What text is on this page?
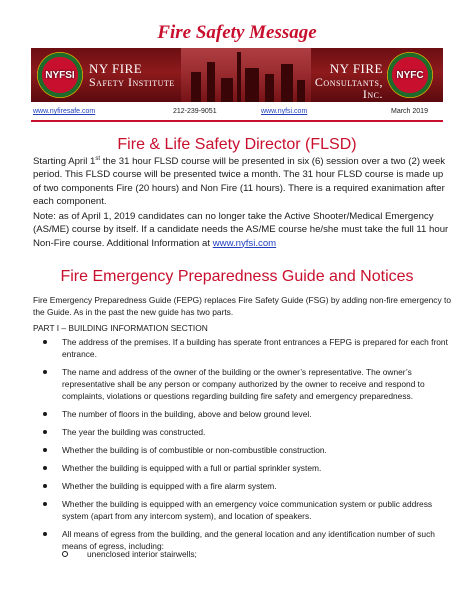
Fire Safety Message
NYFSI NY FIRE
Safety Institute
NY FIRE
Consultants, Inc.
NYFC
www.nyfiresafe.com	212-239-9051	www.nyfsi.com	March 2019
Fire & Life Safety Director (FLSD)
Starting April 1st the 31 hour FLSD course will be presented in six (6) session over a two (2) week period. This FLSD course will be presented twice a month. The 31 hour FLSD course is made up of two components Fire (20 hours) and Non Fire (11 hours). There is a required exanimation after each component.
Note: as of April 1, 2019 candidates can no longer take the Active Shooter/Medical Emergency (AS/ME) course by itself. If a candidate needs the AS/ME course he/she must take the full 11 hour Non-Fire course. Additional Information at www.nyfsi.com
Fire Emergency Preparedness Guide and Notices
Fire Emergency Preparedness Guide (FEPG) replaces Fire Safety Guide (FSG) by adding non-fire emergency to the Guide. As in the past the new guide has two parts.
PART I – BUILDING INFORMATION SECTION
The address of the premises. If a building has sperate front entrances a FEPG is prepared for each front entrance.
The name and address of the owner of the building or the owner’s representative. The owner’s representative shall be any person or company authorized by the owner to receive and respond to complaints, violations or questions regarding building fire safety and emergency preparedness.
The number of floors in the building, above and below ground level.
The year the building was constructed.
Whether the building is of combustible or non-combustible construction.
Whether the building is equipped with a full or partial sprinkler system.
Whether the building is equipped with a fire alarm system.
Whether the building is equipped with an emergency voice communication system or public address system (apart from any intercom system), and location of speakers.
All means of egress from the building, and the general location and any identification number of such means of egress, including:
unenclosed interior stairwells;
